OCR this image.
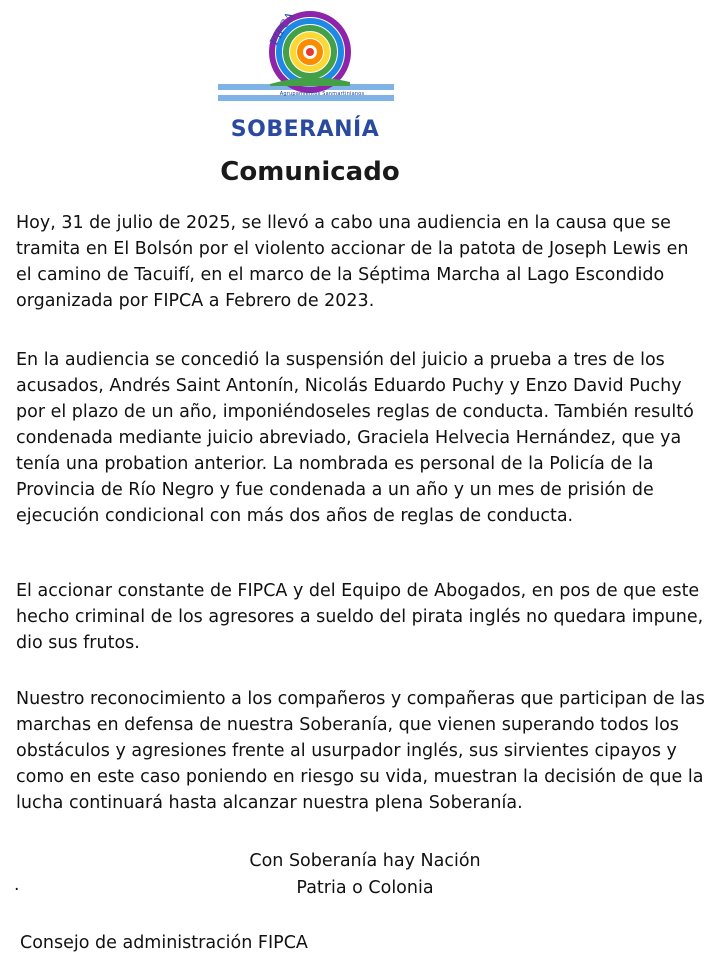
FIPCA
Agrupamientos Sanmartinianos
SOBERANÍA
Comunicado

Hoy, 31 de julio de 2025, se llevó a cabo una audiencia en la causa que se tramita en El Bolsón por el violento accionar de la patota de Joseph Lewis en el camino de Tacuifí, en el marco de la Séptima Marcha al Lago Escondido organizada por FIPCA a Febrero de 2023.

En la audiencia se concedió la suspensión del juicio a prueba a tres de los acusados, Andrés Saint Antonín, Nicolás Eduardo Puchy y Enzo David Puchy por el plazo de un año, imponiéndoseles reglas de conducta. También resultó condenada mediante juicio abreviado, Graciela Helvecia Hernández, que ya tenía una probation anterior. La nombrada es personal de la Policía de la Provincia de Río Negro y fue condenada a un año y un mes de prisión de ejecución condicional con más dos años de reglas de conducta.

El accionar constante de FIPCA y del Equipo de Abogados, en pos de que este hecho criminal de los agresores a sueldo del pirata inglés no quedara impune, dio sus frutos.

Nuestro reconocimiento a los compañeros y compañeras que participan de las marchas en defensa de nuestra Soberanía, que vienen superando todos los obstáculos y agresiones frente al usurpador inglés, sus sirvientes cipayos y como en este caso poniendo en riesgo su vida, muestran la decisión de que la lucha continuará hasta alcanzar nuestra plena Soberanía.

Con Soberanía hay Nación
.	Patria o Colonia
Consejo de administración FIPCA
